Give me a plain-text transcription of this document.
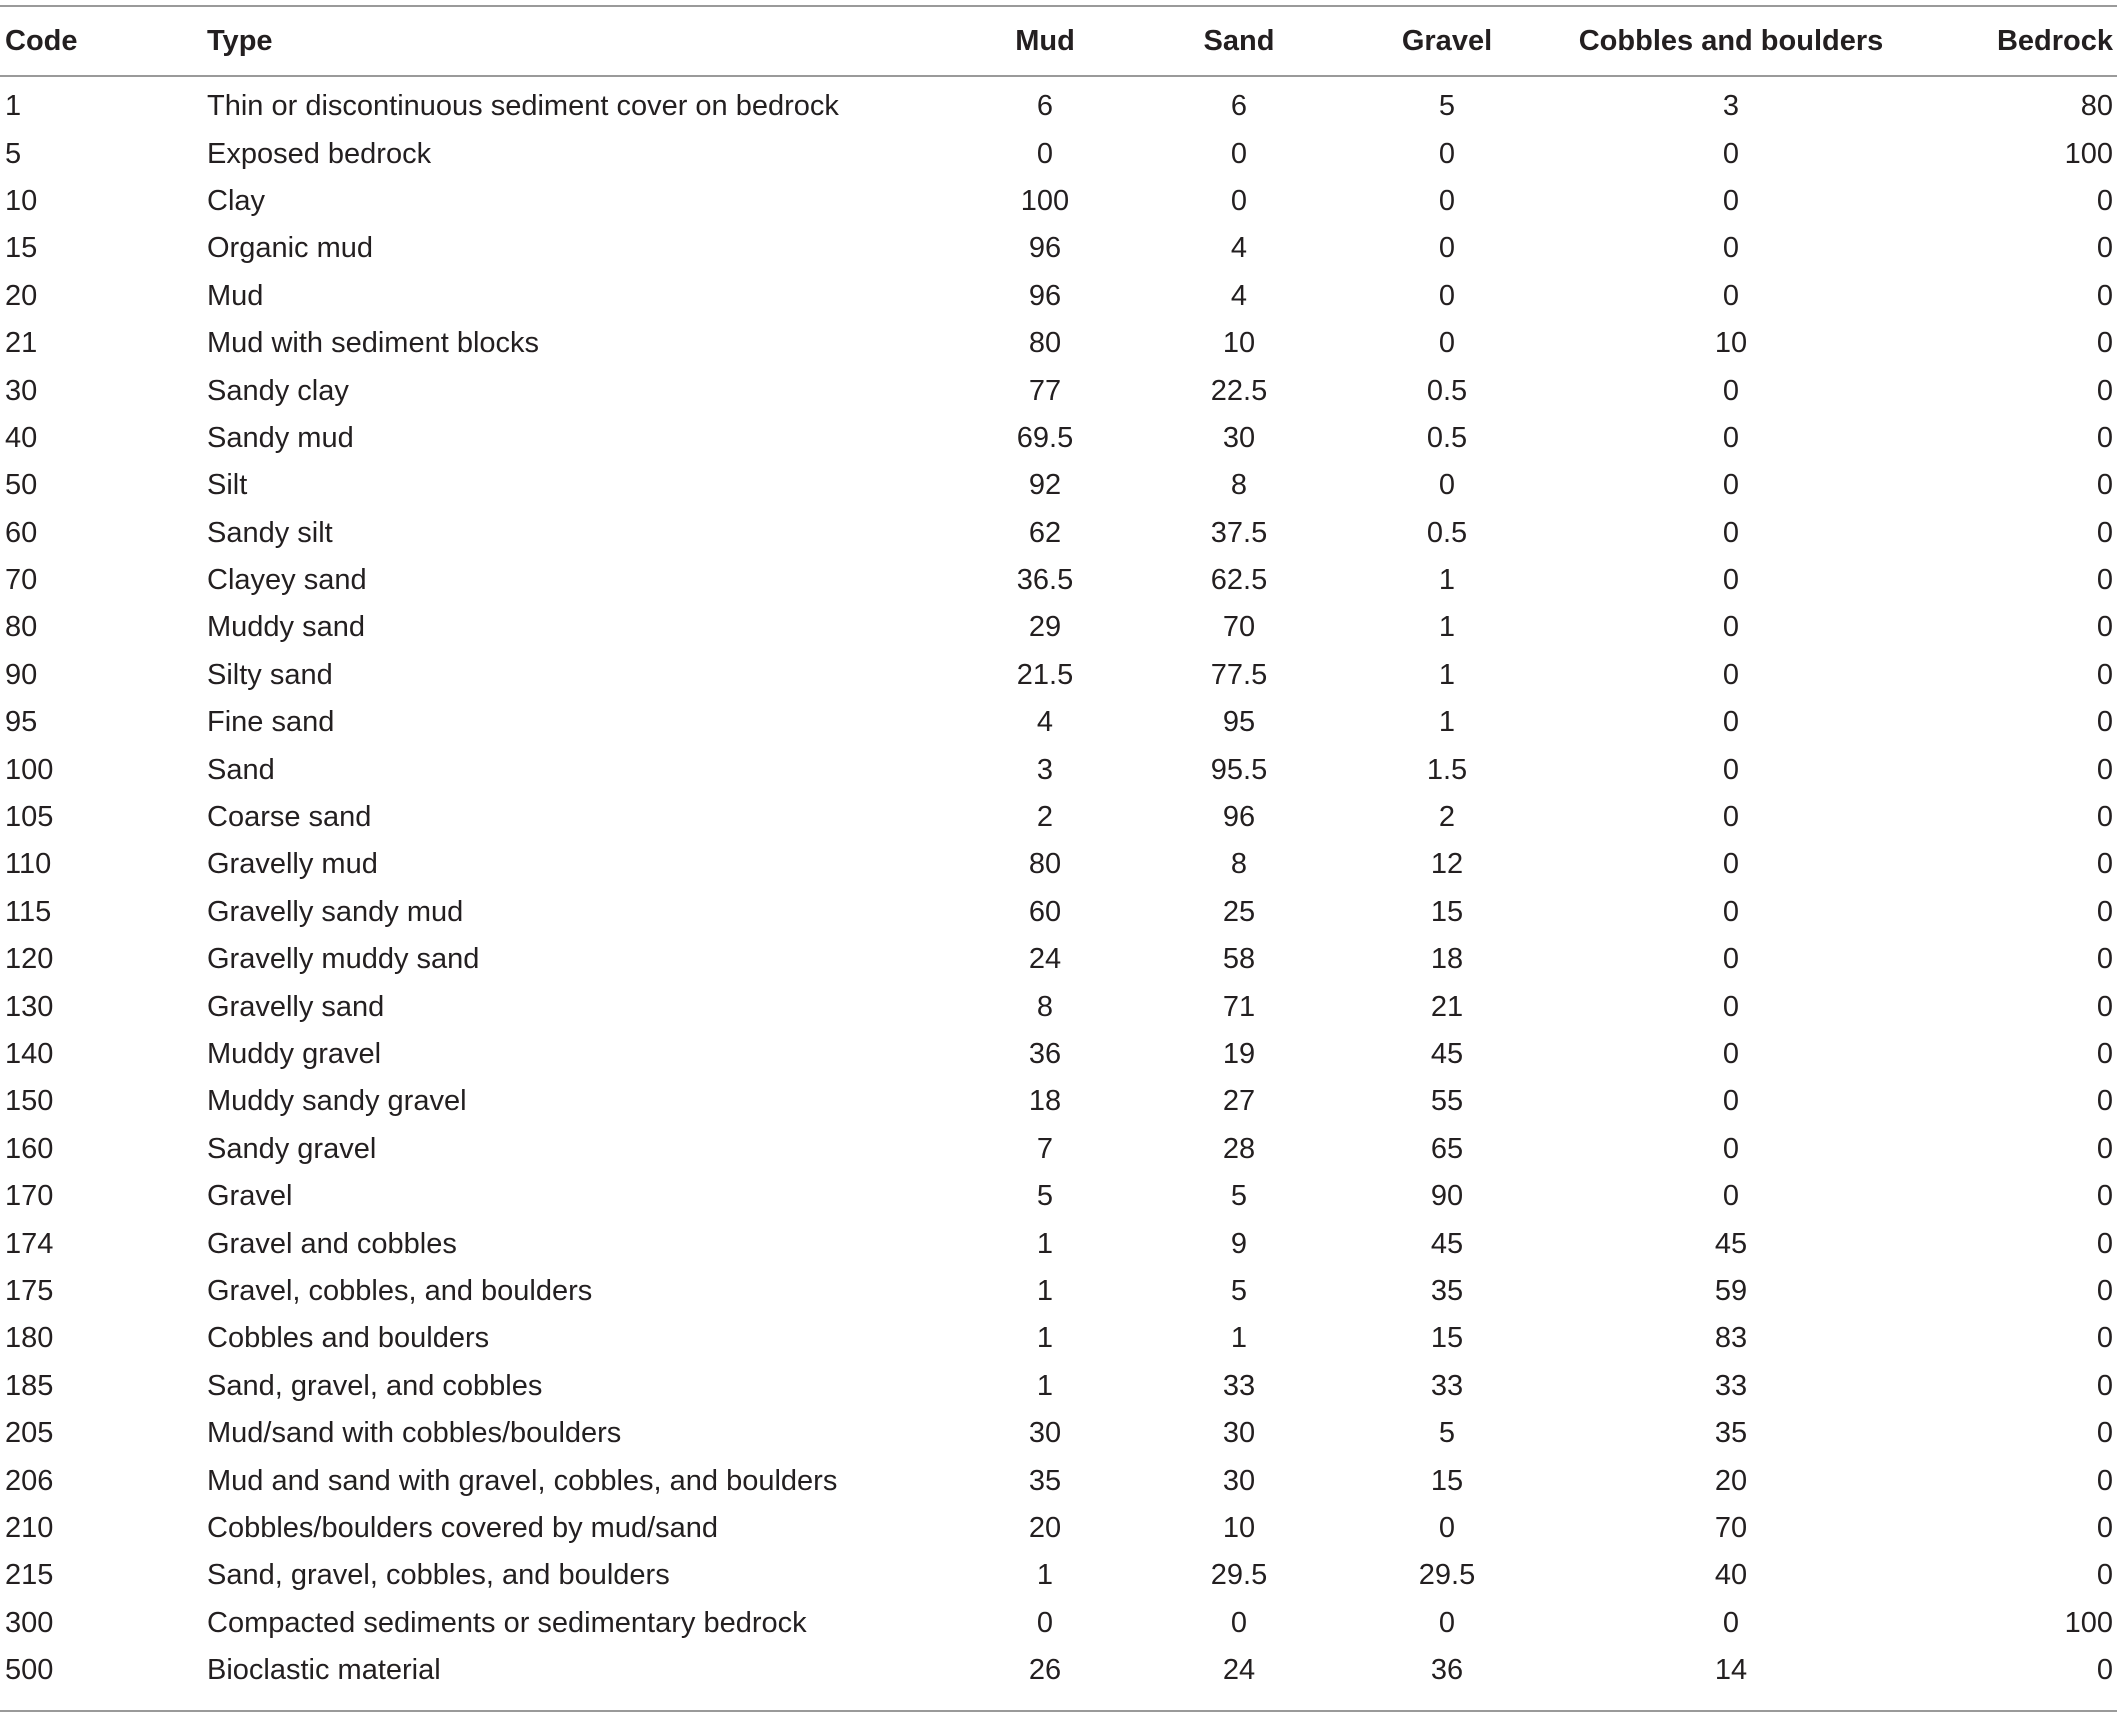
Code	Type	Mud	Sand	Gravel	Cobbles and boulders	Bedrock
1	Thin or discontinuous sediment cover on bedrock	6	6	5	3	80
5	Exposed bedrock	0	0	0	0	100
10	Clay	100	0	0	0	0
15	Organic mud	96	4	0	0	0
20	Mud	96	4	0	0	0
21	Mud with sediment blocks	80	10	0	10	0
30	Sandy clay	77	22.5	0.5	0	0
40	Sandy mud	69.5	30	0.5	0	0
50	Silt	92	8	0	0	0
60	Sandy silt	62	37.5	0.5	0	0
70	Clayey sand	36.5	62.5	1	0	0
80	Muddy sand	29	70	1	0	0
90	Silty sand	21.5	77.5	1	0	0
95	Fine sand	4	95	1	0	0
100	Sand	3	95.5	1.5	0	0
105	Coarse sand	2	96	2	0	0
110	Gravelly mud	80	8	12	0	0
115	Gravelly sandy mud	60	25	15	0	0
120	Gravelly muddy sand	24	58	18	0	0
130	Gravelly sand	8	71	21	0	0
140	Muddy gravel	36	19	45	0	0
150	Muddy sandy gravel	18	27	55	0	0
160	Sandy gravel	7	28	65	0	0
170	Gravel	5	5	90	0	0
174	Gravel and cobbles	1	9	45	45	0
175	Gravel, cobbles, and boulders	1	5	35	59	0
180	Cobbles and boulders	1	1	15	83	0
185	Sand, gravel, and cobbles	1	33	33	33	0
205	Mud/sand with cobbles/boulders	30	30	5	35	0
206	Mud and sand with gravel, cobbles, and boulders	35	30	15	20	0
210	Cobbles/boulders covered by mud/sand	20	10	0	70	0
215	Sand, gravel, cobbles, and boulders	1	29.5	29.5	40	0
300	Compacted sediments or sedimentary bedrock	0	0	0	0	100
500	Bioclastic material	26	24	36	14	0
